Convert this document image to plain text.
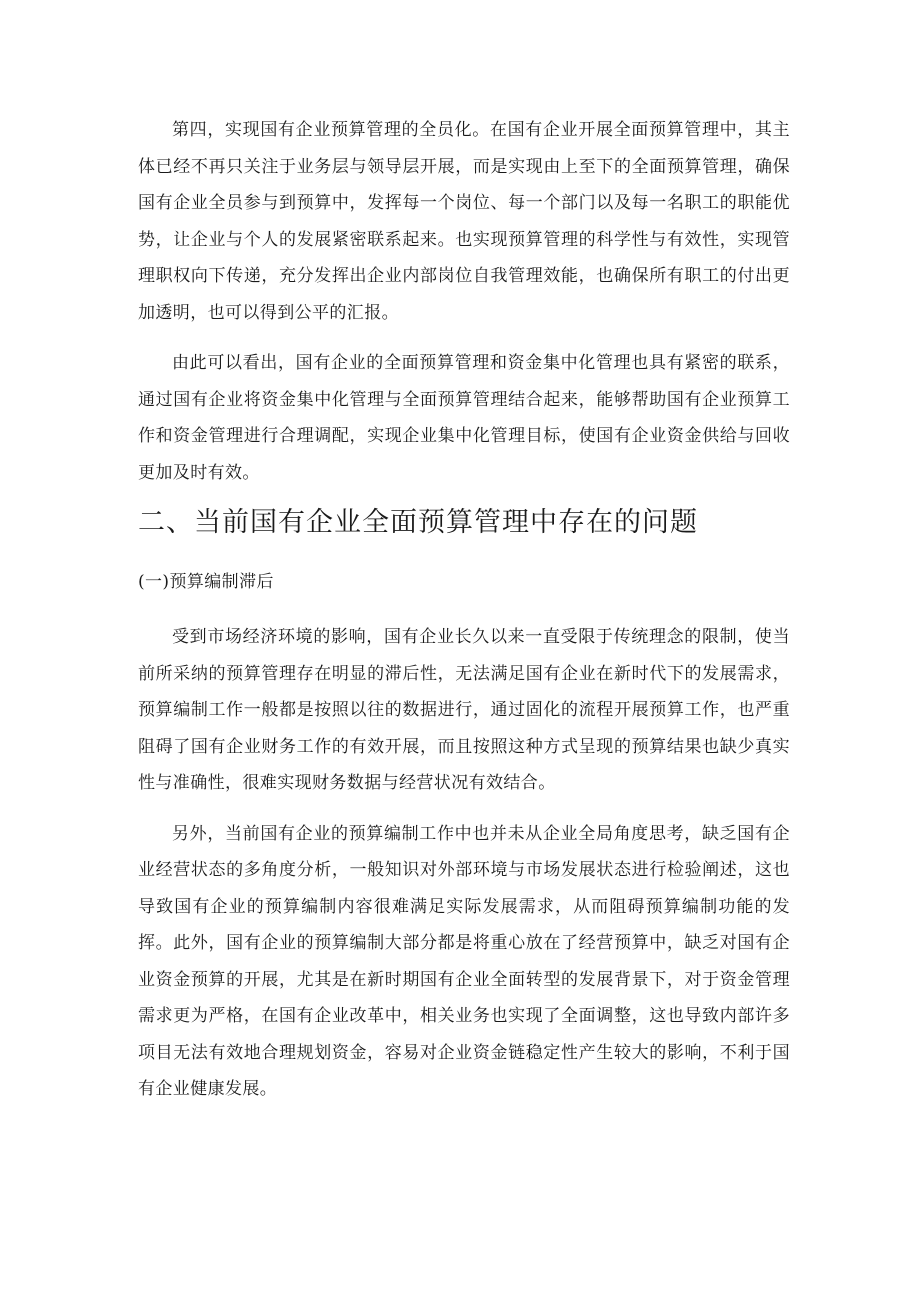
第四，实现国有企业预算管理的全员化。在国有企业开展全面预算管理中，其主体已经不再只关注于业务层与领导层开展，而是实现由上至下的全面预算管理，确保国有企业全员参与到预算中，发挥每一个岗位、每一个部门以及每一名职工的职能优势，让企业与个人的发展紧密联系起来。也实现预算管理的科学性与有效性，实现管理职权向下传递，充分发挥出企业内部岗位自我管理效能，也确保所有职工的付出更加透明，也可以得到公平的汇报。

由此可以看出，国有企业的全面预算管理和资金集中化管理也具有紧密的联系，通过国有企业将资金集中化管理与全面预算管理结合起来，能够帮助国有企业预算工作和资金管理进行合理调配，实现企业集中化管理目标，使国有企业资金供给与回收更加及时有效。

二、当前国有企业全面预算管理中存在的问题
(一)预算编制滞后

受到市场经济环境的影响，国有企业长久以来一直受限于传统理念的限制，使当前所采纳的预算管理存在明显的滞后性，无法满足国有企业在新时代下的发展需求，预算编制工作一般都是按照以往的数据进行，通过固化的流程开展预算工作，也严重阻碍了国有企业财务工作的有效开展，而且按照这种方式呈现的预算结果也缺少真实性与准确性，很难实现财务数据与经营状况有效结合。

另外，当前国有企业的预算编制工作中也并未从企业全局角度思考，缺乏国有企业经营状态的多角度分析，一般知识对外部环境与市场发展状态进行检验阐述，这也导致国有企业的预算编制内容很难满足实际发展需求，从而阻碍预算编制功能的发挥。此外，国有企业的预算编制大部分都是将重心放在了经营预算中，缺乏对国有企业资金预算的开展，尤其是在新时期国有企业全面转型的发展背景下，对于资金管理需求更为严格，在国有企业改革中，相关业务也实现了全面调整，这也导致内部许多项目无法有效地合理规划资金，容易对企业资金链稳定性产生较大的影响，不利于国有企业健康发展。
